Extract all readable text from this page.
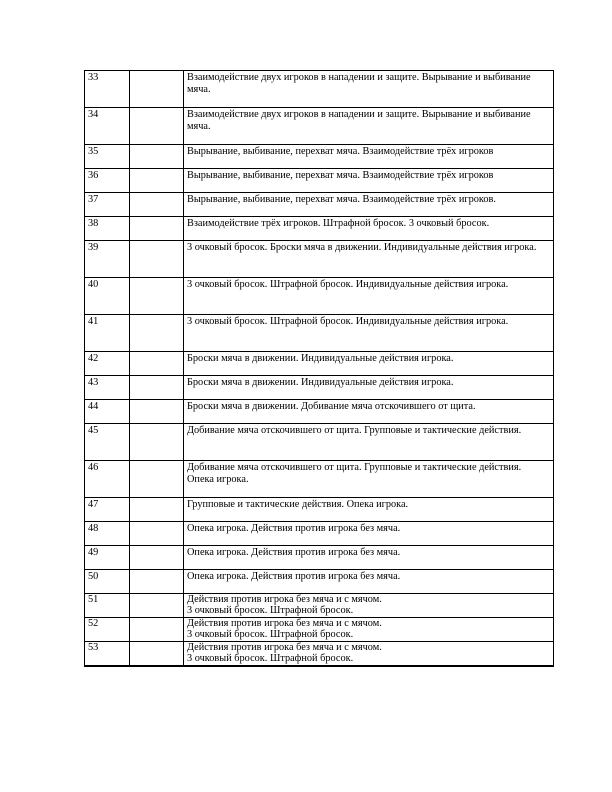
33		Взаимодействие двух игроков в нападении и защите. Вырывание и выбивание мяча.
34		Взаимодействие двух игроков в нападении и защите. Вырывание и выбивание мяча.
35		Вырывание, выбивание, перехват мяча. Взаимодействие трёх игроков
36		Вырывание, выбивание, перехват мяча. Взаимодействие трёх игроков
37		Вырывание, выбивание, перехват мяча. Взаимодействие трёх игроков.
38		Взаимодействие трёх игроков. Штрафной бросок. 3 очковый бросок.
39		3 очковый бросок. Броски мяча в движении. Индивидуальные действия игрока.
40		3 очковый бросок. Штрафной бросок. Индивидуальные действия игрока.
41		3 очковый бросок. Штрафной бросок. Индивидуальные действия игрока.
42		Броски мяча в движении. Индивидуальные действия игрока.
43		Броски мяча в движении. Индивидуальные действия игрока.
44		Броски мяча в движении. Добивание мяча отскочившего от щита.
45		Добивание мяча отскочившего от щита. Групповые и тактические действия.
46		Добивание мяча отскочившего от щита. Групповые и тактические действия. Опека игрока.
47		Групповые и тактические действия. Опека игрока.
48		Опека игрока. Действия против игрока без мяча.
49		Опека игрока. Действия против игрока без мяча.
50		Опека игрока. Действия против игрока без мяча.
51		Действия против игрока без мяча и с мячом.
3 очковый бросок. Штрафной бросок.
52		Действия против игрока без мяча и с мячом.
3 очковый бросок. Штрафной бросок.
53		Действия против игрока без мяча и с мячом.
3 очковый бросок. Штрафной бросок.
